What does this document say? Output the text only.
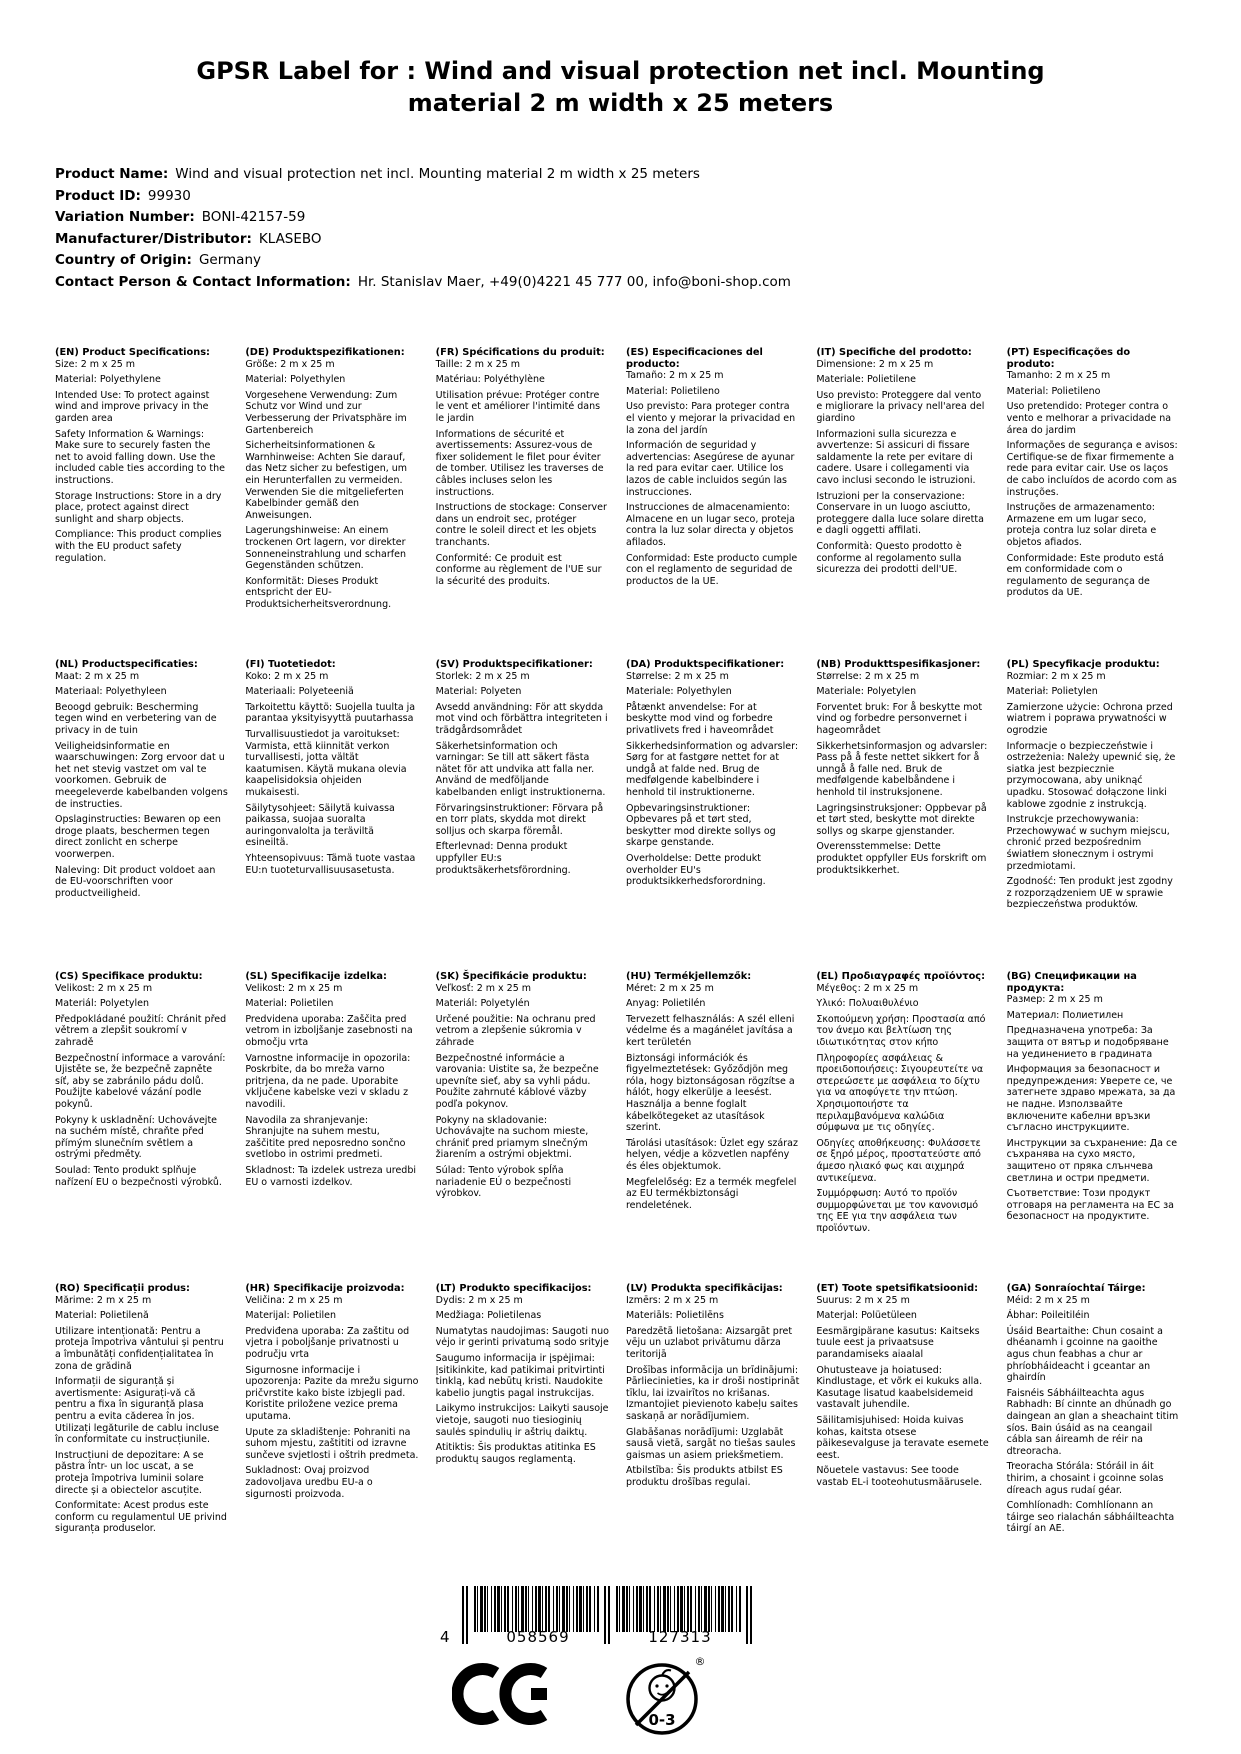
GPSR Label for : Wind and visual protection net incl. Mounting
material 2 m width x 25 meters
Product Name: Wind and visual protection net incl. Mounting material 2 m width x 25 meters
Product ID: 99930
Variation Number: BONI-42157-59
Manufacturer/Distributor: KLASEBO
Country of Origin: Germany
Contact Person & Contact Information: Hr. Stanislav Maer, +49(0)4221 45 777 00, info@boni-shop.com
(EN) Product Specifications:

Size: 2 m x 25 m

Material: Polyethylene

Intended Use: To protect against wind and improve privacy in the garden area

Safety Information & Warnings: Make sure to securely fasten the net to avoid falling down. Use the included cable ties according to the instructions.

Storage Instructions: Store in a dry place, protect against direct sunlight and sharp objects.

Compliance: This product complies with the EU product safety regulation.

(DE) Produktspezifikationen:

Größe: 2 m x 25 m

Material: Polyethylen

Vorgesehene Verwendung: Zum Schutz vor Wind und zur Verbesserung der Privatsphäre im Gartenbereich

Sicherheitsinformationen & Warnhinweise: Achten Sie darauf, das Netz sicher zu befestigen, um ein Herunterfallen zu vermeiden. Verwenden Sie die mitgelieferten Kabelbinder gemäß den Anweisungen.

Lagerungshinweise: An einem trockenen Ort lagern, vor direkter Sonneneinstrahlung und scharfen Gegenständen schützen.

Konformität: Dieses Produkt entspricht der EU-Produktsicherheitsverordnung.

(FR) Spécifications du produit:

Taille: 2 m x 25 m

Matériau: Polyéthylène

Utilisation prévue: Protéger contre le vent et améliorer l'intimité dans le jardin

Informations de sécurité et avertissements: Assurez-vous de fixer solidement le filet pour éviter de tomber. Utilisez les traverses de câbles incluses selon les instructions.

Instructions de stockage: Conserver dans un endroit sec, protéger contre le soleil direct et les objets tranchants.

Conformité: Ce produit est conforme au règlement de l'UE sur la sécurité des produits.

(ES) Especificaciones del producto:

Tamaño: 2 m x 25 m

Material: Polietileno

Uso previsto: Para proteger contra el viento y mejorar la privacidad en la zona del jardín

Información de seguridad y advertencias: Asegúrese de ayunar la red para evitar caer. Utilice los lazos de cable incluidos según las instrucciones.

Instrucciones de almacenamiento: Almacene en un lugar seco, proteja contra la luz solar directa y objetos afilados.

Conformidad: Este producto cumple con el reglamento de seguridad de productos de la UE.

(IT) Specifiche del prodotto:

Dimensione: 2 m x 25 m

Materiale: Polietilene

Uso previsto: Proteggere dal vento e migliorare la privacy nell'area del giardino

Informazioni sulla sicurezza e avvertenze: Si assicuri di fissare saldamente la rete per evitare di cadere. Usare i collegamenti via cavo inclusi secondo le istruzioni.

Istruzioni per la conservazione: Conservare in un luogo asciutto, proteggere dalla luce solare diretta e dagli oggetti affilati.

Conformità: Questo prodotto è conforme al regolamento sulla sicurezza dei prodotti dell'UE.

(PT) Especificações do produto:

Tamanho: 2 m x 25 m

Material: Polietileno

Uso pretendido: Proteger contra o vento e melhorar a privacidade na área do jardim

Informações de segurança e avisos: Certifique-se de fixar firmemente a rede para evitar cair. Use os laços de cabo incluídos de acordo com as instruções.

Instruções de armazenamento: Armazene em um lugar seco, proteja contra luz solar direta e objetos afiados.

Conformidade: Este produto está em conformidade com o regulamento de segurança de produtos da UE.

(NL) Productspecificaties:

Maat: 2 m x 25 m

Materiaal: Polyethyleen

Beoogd gebruik: Bescherming tegen wind en verbetering van de privacy in de tuin

Veiligheidsinformatie en waarschuwingen: Zorg ervoor dat u het net stevig vastzet om val te voorkomen. Gebruik de meegeleverde kabelbanden volgens de instructies.

Opslaginstructies: Bewaren op een droge plaats, beschermen tegen direct zonlicht en scherpe voorwerpen.

Naleving: Dit product voldoet aan de EU-voorschriften voor productveiligheid.

(FI) Tuotetiedot:

Koko: 2 m x 25 m

Materiaali: Polyeteeniä

Tarkoitettu käyttö: Suojella tuulta ja parantaa yksityisyyttä puutarhassa

Turvallisuustiedot ja varoitukset: Varmista, että kiinnität verkon turvallisesti, jotta vältät kaatumisen. Käytä mukana olevia kaapelisidoksia ohjeiden mukaisesti.

Säilytysohjeet: Säilytä kuivassa paikassa, suojaa suoralta auringonvalolta ja teräviltä esineiltä.

Yhteensopivuus: Tämä tuote vastaa EU:n tuoteturvallisuusasetusta.

(SV) Produktspecifikationer:

Storlek: 2 m x 25 m

Material: Polyeten

Avsedd användning: För att skydda mot vind och förbättra integriteten i trädgårdsområdet

Säkerhetsinformation och varningar: Se till att säkert fästa nätet för att undvika att falla ner. Använd de medföljande kabelbanden enligt instruktionerna.

Förvaringsinstruktioner: Förvara på en torr plats, skydda mot direkt solljus och skarpa föremål.

Efterlevnad: Denna produkt uppfyller EU:s produktsäkerhetsförordning.

(DA) Produktspecifikationer:

Størrelse: 2 m x 25 m

Materiale: Polyethylen

Påtænkt anvendelse: For at beskytte mod vind og forbedre privatlivets fred i haveområdet

Sikkerhedsinformation og advarsler: Sørg for at fastgøre nettet for at undgå at falde ned. Brug de medfølgende kabelbindere i henhold til instruktionerne.

Opbevaringsinstruktioner: Opbevares på et tørt sted, beskytter mod direkte sollys og skarpe genstande.

Overholdelse: Dette produkt overholder EU's produktsikkerhedsforordning.

(NB) Produkttspesifikasjoner:

Størrelse: 2 m x 25 m

Materiale: Polyetylen

Forventet bruk: For å beskytte mot vind og forbedre personvernet i hageområdet

Sikkerhetsinformasjon og advarsler: Pass på å feste nettet sikkert for å unngå å falle ned. Bruk de medfølgende kabelbåndene i henhold til instruksjonene.

Lagringsinstruksjoner: Oppbevar på et tørt sted, beskytte mot direkte sollys og skarpe gjenstander.

Overensstemmelse: Dette produktet oppfyller EUs forskrift om produktsikkerhet.

(PL) Specyfikacje produktu:

Rozmiar: 2 m x 25 m

Materiał: Polietylen

Zamierzone użycie: Ochrona przed wiatrem i poprawa prywatności w ogrodzie

Informacje o bezpieczeństwie i ostrzeżenia: Należy upewnić się, że siatka jest bezpiecznie przymocowana, aby uniknąć upadku. Stosować dołączone linki kablowe zgodnie z instrukcją.

Instrukcje przechowywania: Przechowywać w suchym miejscu, chronić przed bezpośrednim światłem słonecznym i ostrymi przedmiotami.

Zgodność: Ten produkt jest zgodny z rozporządzeniem UE w sprawie bezpieczeństwa produktów.

(CS) Specifikace produktu:

Velikost: 2 m x 25 m

Materiál: Polyetylen

Předpokládané použití: Chránit před větrem a zlepšit soukromí v zahradě

Bezpečnostní informace a varování: Ujistěte se, že bezpečně zapněte síť, aby se zabránilo pádu dolů. Použijte kabelové vázání podle pokynů.

Pokyny k uskladnění: Uchovávejte na suchém místě, chraňte před přímým slunečním světlem a ostrými předměty.

Soulad: Tento produkt splňuje nařízení EU o bezpečnosti výrobků.

(SL) Specifikacije izdelka:

Velikost: 2 m x 25 m

Material: Polietilen

Predvidena uporaba: Zaščita pred vetrom in izboljšanje zasebnosti na območju vrta

Varnostne informacije in opozorila: Poskrbite, da bo mreža varno pritrjena, da ne pade. Uporabite vključene kabelske vezi v skladu z navodili.

Navodila za shranjevanje: Shranjujte na suhem mestu, zaščitite pred neposredno sončno svetlobo in ostrimi predmeti.

Skladnost: Ta izdelek ustreza uredbi EU o varnosti izdelkov.

(SK) Špecifikácie produktu:

Veľkosť: 2 m x 25 m

Materiál: Polyetylén

Určené použitie: Na ochranu pred vetrom a zlepšenie súkromia v záhrade

Bezpečnostné informácie a varovania: Uistite sa, že bezpečne upevníte sieť, aby sa vyhli pádu. Použite zahrnuté káblové väzby podľa pokynov.

Pokyny na skladovanie: Uchovávajte na suchom mieste, chrániť pred priamym slnečným žiarením a ostrými objektmi.

Súlad: Tento výrobok spĺňa nariadenie EÚ o bezpečnosti výrobkov.

(HU) Termékjellemzők:

Méret: 2 m x 25 m

Anyag: Polietilén

Tervezett felhasználás: A szél elleni védelme és a magánélet javítása a kert területén

Biztonsági információk és figyelmeztetések: Győződjön meg róla, hogy biztonságosan rögzítse a hálót, hogy elkerülje a leesést. Használja a benne foglalt kábelkötegeket az utasítások szerint.

Tárolási utasítások: Üzlet egy száraz helyen, védje a közvetlen napfény és éles objektumok.

Megfelelőség: Ez a termék megfelel az EU termékbiztonsági rendeletének.

(EL) Προδιαγραφές προϊόντος:

Μέγεθος: 2 m x 25 m

Υλικό: Πολυαιθυλένιο

Σκοπούμενη χρήση: Προστασία από τον άνεμο και βελτίωση της ιδιωτικότητας στον κήπο

Πληροφορίες ασφάλειας & προειδοποιήσεις: Σιγουρευτείτε να στερεώσετε με ασφάλεια το δίχτυ για να αποφύγετε την πτώση. Χρησιμοποιήστε τα περιλαμβανόμενα καλώδια σύμφωνα με τις οδηγίες.

Οδηγίες αποθήκευσης: Φυλάσσετε σε ξηρό μέρος, προστατεύστε από άμεσο ηλιακό φως και αιχμηρά αντικείμενα.

Συμμόρφωση: Αυτό το προϊόν συμμορφώνεται με τον κανονισμό της ΕΕ για την ασφάλεια των προϊόντων.

(BG) Спецификации на продукта:

Размер: 2 m x 25 m

Материал: Полиетилен

Предназначена употреба: За защита от вятър и подобряване на уединението в градината

Информация за безопасност и предупреждения: Уверете се, че затегнете здраво мрежата, за да не падне. Използвайте включените кабелни връзки съгласно инструкциите.

Инструкции за съхранение: Да се съхранява на сухо място, защитено от пряка слънчева светлина и остри предмети.

Съответствие: Този продукт отговаря на регламента на ЕС за безопасност на продуктите.

(RO) Specificații produs:

Mărime: 2 m x 25 m

Material: Polietilenă

Utilizare intenționată: Pentru a proteja împotriva vântului și pentru a îmbunătăți confidențialitatea în zona de grădină

Informații de siguranță și avertismente: Asigurați-vă că pentru a fixa în siguranță plasa pentru a evita căderea în jos. Utilizați legăturile de cablu incluse în conformitate cu instrucțiunile.

Instrucțiuni de depozitare: A se păstra într- un loc uscat, a se proteja împotriva luminii solare directe și a obiectelor ascuțite.

Conformitate: Acest produs este conform cu regulamentul UE privind siguranța produselor.

(HR) Specifikacije proizvoda:

Veličina: 2 m x 25 m

Materijal: Polietilen

Predviđena uporaba: Za zaštitu od vjetra i poboljšanje privatnosti u području vrta

Sigurnosne informacije i upozorenja: Pazite da mrežu sigurno pričvrstite kako biste izbjegli pad. Koristite priložene vezice prema uputama.

Upute za skladištenje: Pohraniti na suhom mjestu, zaštititi od izravne sunčeve svjetlosti i oštrih predmeta.

Sukladnost: Ovaj proizvod zadovoljava uredbu EU-a o sigurnosti proizvoda.

(LT) Produkto specifikacijos:

Dydis: 2 m x 25 m

Medžiaga: Polietilenas

Numatytas naudojimas: Saugoti nuo vėjo ir gerinti privatumą sodo srityje

Saugumo informacija ir įspėjimai: Įsitikinkite, kad patikimai pritvirtinti tinklą, kad nebūtų kristi. Naudokite kabelio jungtis pagal instrukcijas.

Laikymo instrukcijos: Laikyti sausoje vietoje, saugoti nuo tiesioginių saulės spindulių ir aštrių daiktų.

Atitiktis: Šis produktas atitinka ES produktų saugos reglamentą.

(LV) Produkta specifikācijas:

Izmērs: 2 m x 25 m

Materiāls: Polietilēns

Paredzētā lietošana: Aizsargāt pret vēju un uzlabot privātumu dārza teritorijā

Drošības informācija un brīdinājumi: Pārliecinieties, ka ir droši nostiprināt tīklu, lai izvairītos no krišanas. Izmantojiet pievienoto kabeļu saites saskaņā ar norādījumiem.

Glabāšanas norādījumi: Uzglabāt sausā vietā, sargāt no tiešas saules gaismas un asiem priekšmetiem.

Atbilstība: Šis produkts atbilst ES produktu drošības regulai.

(ET) Toote spetsifikatsioonid:

Suurus: 2 m x 25 m

Materjal: Polüetüleen

Eesmärgipärane kasutus: Kaitseks tuule eest ja privaatsuse parandamiseks aiaalal

Ohutusteave ja hoiatused: Kindlustage, et võrk ei kukuks alla. Kasutage lisatud kaabelsidemeid vastavalt juhendile.

Säilitamisjuhised: Hoida kuivas kohas, kaitsta otsese päikesevalguse ja teravate esemete eest.

Nõuetele vastavus: See toode vastab EL-i tooteohutusmäärusele.

(GA) Sonraíochtaí Táirge:

Méid: 2 m x 25 m

Ábhar: Poileitiléin

Úsáid Beartaithe: Chun cosaint a dhéanamh i gcoinne na gaoithe agus chun feabhas a chur ar phríobháideacht i gceantar an ghairdín

Faisnéis Sábháilteachta agus Rabhadh: Bí cinnte an dhúnadh go daingean an glan a sheachaint titim síos. Bain úsáid as na ceangail cábla san áireamh de réir na dtreoracha.

Treoracha Stórála: Stóráil in áit thirim, a chosaint i gcoinne solas díreach agus rudaí géar.

Comhlíonadh: Comhlíonann an táirge seo rialachán sábháilteachta táirgí an AE.

4	058569	127313
0-3
®
